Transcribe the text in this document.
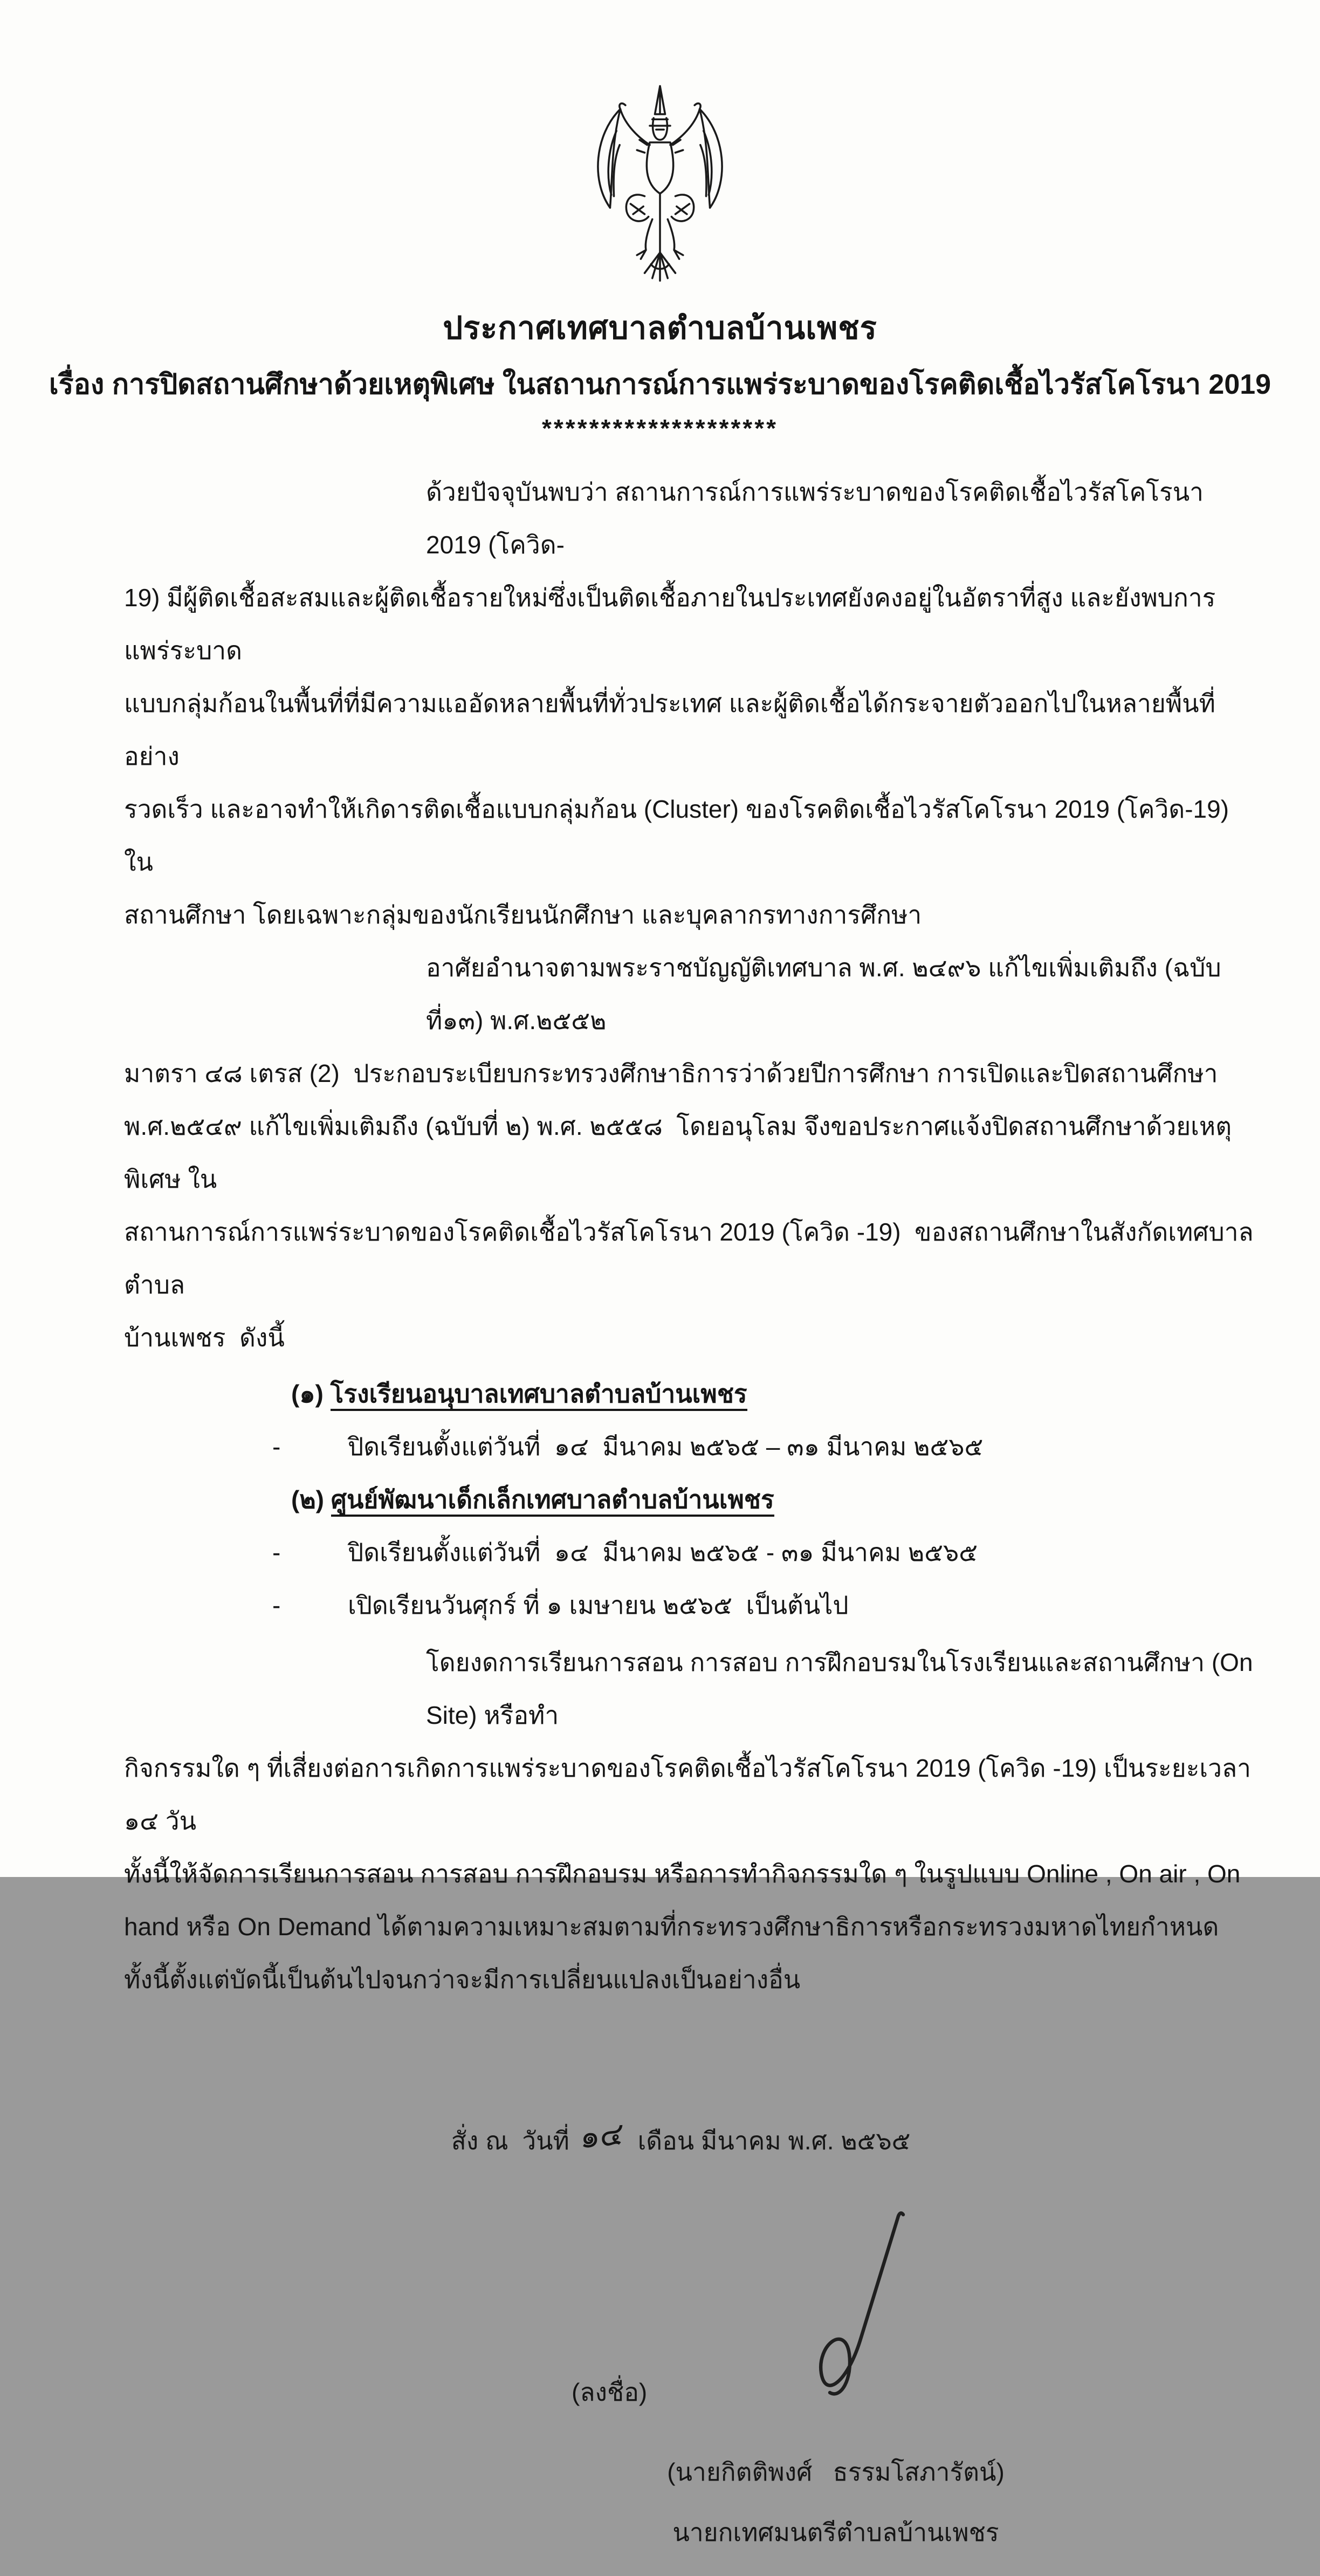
ประกาศเทศบาลตำบลบ้านเพชร
เรื่อง การปิดสถานศึกษาด้วยเหตุพิเศษ ในสถานการณ์การแพร่ระบาดของโรคติดเชื้อไวรัสโคโรนา 2019
********************
ด้วยปัจจุบันพบว่า สถานการณ์การแพร่ระบาดของโรคติดเชื้อไวรัสโคโรนา 2019 (โควิด-
19) มีผู้ติดเชื้อสะสมและผู้ติดเชื้อรายใหม่ซึ่งเป็นติดเชื้อภายในประเทศยังคงอยู่ในอัตราที่สูง และยังพบการแพร่ระบาด
แบบกลุ่มก้อนในพื้นที่ที่มีความแออัดหลายพื้นที่ทั่วประเทศ และผู้ติดเชื้อได้กระจายตัวออกไปในหลายพื้นที่อย่าง
รวดเร็ว และอาจทำให้เกิดารติดเชื้อแบบกลุ่มก้อน (Cluster) ของโรคติดเชื้อไวรัสโคโรนา 2019 (โควิด-19) ใน
สถานศึกษา โดยเฉพาะกลุ่มของนักเรียนนักศึกษา และบุคลากรทางการศึกษา
อาศัยอำนาจตามพระราชบัญญัติเทศบาล พ.ศ. ๒๔๙๖ แก้ไขเพิ่มเติมถึง (ฉบับที่๑๓) พ.ศ.๒๕๕๒
มาตรา ๔๘ เตรส (2)  ประกอบระเบียบกระทรวงศึกษาธิการว่าด้วยปีการศึกษา การเปิดและปิดสถานศึกษา
พ.ศ.๒๕๔๙ แก้ไขเพิ่มเติมถึง (ฉบับที่ ๒) พ.ศ. ๒๕๕๘  โดยอนุโลม จึงขอประกาศแจ้งปิดสถานศึกษาด้วยเหตุพิเศษ ใน
สถานการณ์การแพร่ระบาดของโรคติดเชื้อไวรัสโคโรนา 2019 (โควิด -19)  ของสถานศึกษาในสังกัดเทศบาลตำบล
บ้านเพชร  ดังนี้
(๑) โรงเรียนอนุบาลเทศบาลตำบลบ้านเพชร
-	ปิดเรียนตั้งแต่วันที่  ๑๔  มีนาคม ๒๕๖๕ – ๓๑ มีนาคม ๒๕๖๕
(๒) ศูนย์พัฒนาเด็กเล็กเทศบาลตำบลบ้านเพชร
-	ปิดเรียนตั้งแต่วันที่  ๑๔  มีนาคม ๒๕๖๕ - ๓๑ มีนาคม ๒๕๖๕
-	เปิดเรียนวันศุกร์ ที่ ๑ เมษายน ๒๕๖๕  เป็นต้นไป
โดยงดการเรียนการสอน การสอบ การฝึกอบรมในโรงเรียนและสถานศึกษา (On Site) หรือทำ
กิจกรรมใด ๆ ที่เสี่ยงต่อการเกิดการแพร่ระบาดของโรคติดเชื้อไวรัสโคโรนา 2019 (โควิด -19) เป็นระยะเวลา ๑๔ วัน
ทั้งนี้ให้จัดการเรียนการสอน การสอบ การฝึกอบรม หรือการทำกิจกรรมใด ๆ ในรูปแบบ Online , On air , On
hand หรือ On Demand ได้ตามความเหมาะสมตามที่กระทรวงศึกษาธิการหรือกระทรวงมหาดไทยกำหนด
ทั้งนี้ตั้งแต่บัดนี้เป็นต้นไปจนกว่าจะมีการเปลี่ยนแปลงเป็นอย่างอื่น

สั่ง ณ  วันที่ ๑๔ เดือน มีนาคม พ.ศ. ๒๕๖๕

(ลงชื่อ)
(นายกิตติพงศ์   ธรรมโสภารัตน์)
นายกเทศมนตรีตำบลบ้านเพชร
